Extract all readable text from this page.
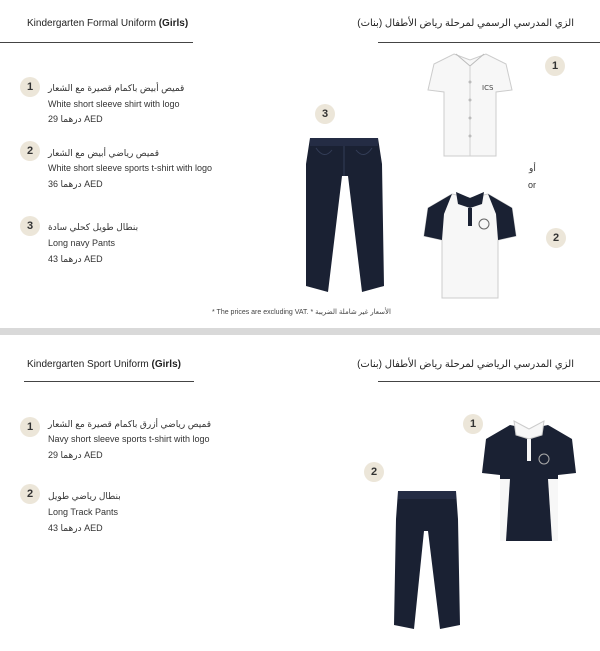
Kindergarten Formal Uniform (Girls)	الزي المدرسي الرسمي لمرحلة رياض الأطفال (بنات)
1	قميص أبيض باكمام قصيرة مع الشعار
White short sleeve shirt with logo
درهما 29 AED
2	قميص رياضي أبيض مع الشعار
White short sleeve sports t-shirt with logo
درهما 36 AED
3	بنطال طويل كحلي سادة
Long navy Pants
درهما 43 AED
3
ICS
1
أو
or
2
* The prices are excluding VAT. * الأسعار غير شاملة الضريبة
Kindergarten Sport Uniform (Girls)	الزي المدرسي الرياضي لمرحلة رياض الأطفال (بنات)
1	قميص رياضي أزرق باكمام قصيرة مع الشعار
Navy short sleeve sports t-shirt with logo
درهما 29 AED
2	بنطال رياضي طويل
Long Track Pants
درهما 43 AED
2
1
